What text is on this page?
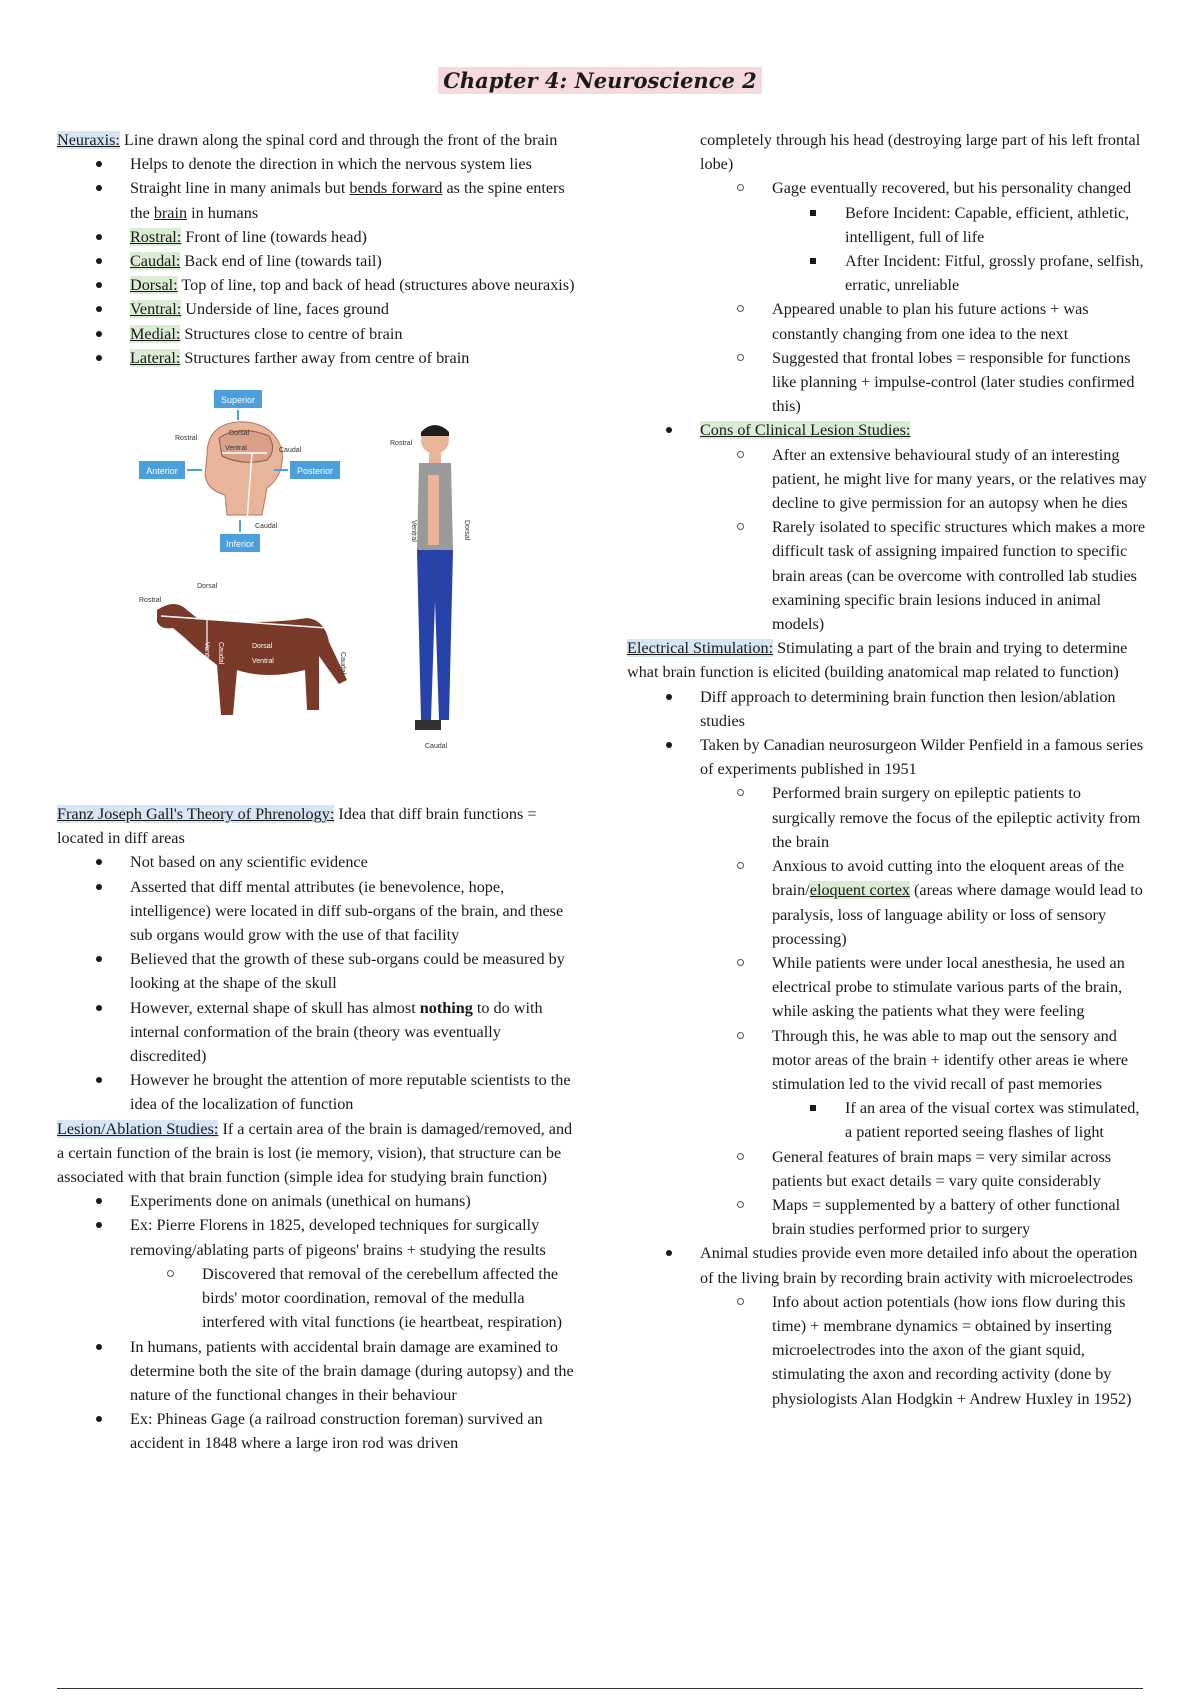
Chapter 4: Neuroscience 2

Neuraxis: Line drawn along the spinal cord and through the front of the brain

Helps to denote the direction in which the nervous system lies
Straight line in many animals but bends forward as the spine enters the brain in humans
Rostral: Front of line (towards head)
Caudal: Back end of line (towards tail)
Dorsal: Top of line, top and back of head (structures above neuraxis)
Ventral: Underside of line, faces ground
Medial: Structures close to centre of brain
Lateral: Structures farther away from centre of brain
Superior
Dorsal
Ventral
Rostral
Caudal
Caudal
Anterior	Posterior
Inferior
Dorsal
Rostral
Dorsal
Ventral
Ventral Caudal	Caudal
Rostral
Ventral	Dorsal
Caudal

Franz Joseph Gall's Theory of Phrenology: Idea that diff brain functions = located in diff areas

Not based on any scientific evidence
Asserted that diff mental attributes (ie benevolence, hope, intelligence) were located in diff sub-organs of the brain, and these sub organs would grow with the use of that facility
Believed that the growth of these sub-organs could be measured by looking at the shape of the skull
However, external shape of skull has almost nothing to do with internal conformation of the brain (theory was eventually discredited)
However he brought the attention of more reputable scientists to the idea of the localization of function

Lesion/Ablation Studies: If a certain area of the brain is damaged/removed, and a certain function of the brain is lost (ie memory, vision), that structure can be associated with that brain function (simple idea for studying brain function)

Experiments done on animals (unethical on humans)
Ex: Pierre Florens in 1825, developed techniques for surgically removing/ablating parts of pigeons' brains + studying the results
Discovered that removal of the cerebellum affected the birds' motor coordination, removal of the medulla interfered with vital functions (ie heartbeat, respiration)
In humans, patients with accidental brain damage are examined to determine both the site of the brain damage (during autopsy) and the nature of the functional changes in their behaviour
Ex: Phineas Gage (a railroad construction foreman) survived an accident in 1848 where a large iron rod was driven
completely through his head (destroying large part of his left frontal lobe)
Gage eventually recovered, but his personality changed
Before Incident: Capable, efficient, athletic, intelligent, full of life
After Incident: Fitful, grossly profane, selfish, erratic, unreliable
Appeared unable to plan his future actions + was constantly changing from one idea to the next
Suggested that frontal lobes = responsible for functions like planning + impulse-control (later studies confirmed this)
Cons of Clinical Lesion Studies:
After an extensive behavioural study of an interesting patient, he might live for many years, or the relatives may decline to give permission for an autopsy when he dies
Rarely isolated to specific structures which makes a more difficult task of assigning impaired function to specific brain areas (can be overcome with controlled lab studies examining specific brain lesions induced in animal models)

Electrical Stimulation: Stimulating a part of the brain and trying to determine what brain function is elicited (building anatomical map related to function)

Diff approach to determining brain function then lesion/ablation studies
Taken by Canadian neurosurgeon Wilder Penfield in a famous series of experiments published in 1951
Performed brain surgery on epileptic patients to surgically remove the focus of the epileptic activity from the brain
Anxious to avoid cutting into the eloquent areas of the brain/eloquent cortex (areas where damage would lead to paralysis, loss of language ability or loss of sensory processing)
While patients were under local anesthesia, he used an electrical probe to stimulate various parts of the brain, while asking the patients what they were feeling
Through this, he was able to map out the sensory and motor areas of the brain + identify other areas ie where stimulation led to the vivid recall of past memories
If an area of the visual cortex was stimulated, a patient reported seeing flashes of light
General features of brain maps = very similar across patients but exact details = vary quite considerably
Maps = supplemented by a battery of other functional brain studies performed prior to surgery
Animal studies provide even more detailed info about the operation of the living brain by recording brain activity with microelectrodes
Info about action potentials (how ions flow during this time) + membrane dynamics = obtained by inserting microelectrodes into the axon of the giant squid, stimulating the axon and recording activity (done by physiologists Alan Hodgkin + Andrew Huxley in 1952)
